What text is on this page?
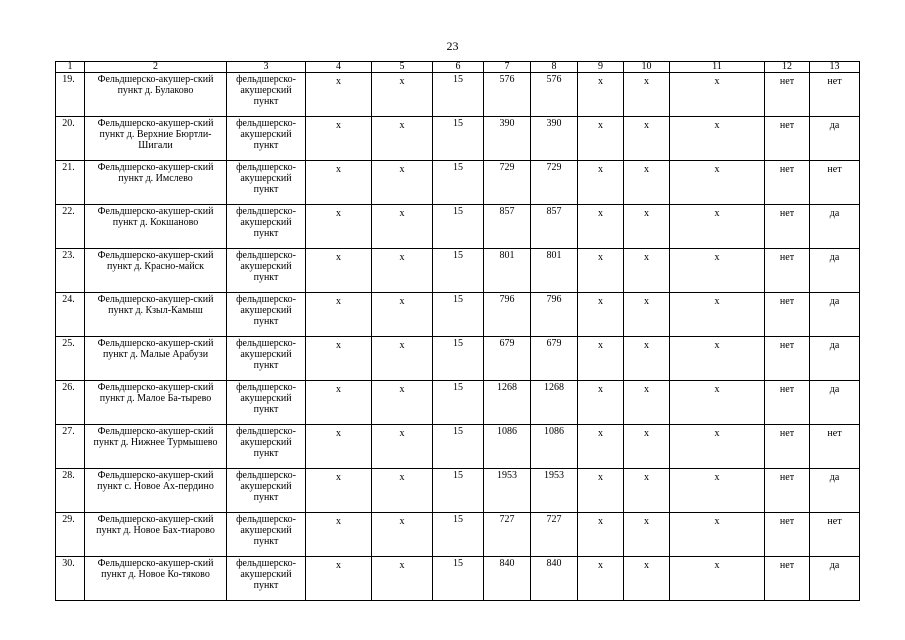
23
1	2	3	4	5	6	7	8	9	10	11	12	13
19.	Фельдшерско-акушер-ский пункт д. Булаково	фельдшерско-акушерский пункт	х	х	15	576	576	х	х	х	нет	нет
20.	Фельдшерско-акушер-ский пункт д. Верхние Бюртли-Шигали	фельдшерско-акушерский пункт	х	х	15	390	390	х	х	х	нет	да
21.	Фельдшерско-акушер-ский пункт д. Имслево	фельдшерско-акушерский пункт	х	х	15	729	729	х	х	х	нет	нет
22.	Фельдшерско-акушер-ский пункт д. Кокшаново	фельдшерско-акушерский пункт	х	х	15	857	857	х	х	х	нет	да
23.	Фельдшерско-акушер-ский пункт д. Красно-майск	фельдшерско-акушерский пункт	х	х	15	801	801	х	х	х	нет	да
24.	Фельдшерско-акушер-ский пункт д. Кзыл-Камыш	фельдшерско-акушерский пункт	х	х	15	796	796	х	х	х	нет	да
25.	Фельдшерско-акушер-ский пункт д. Малые Арабузи	фельдшерско-акушерский пункт	х	х	15	679	679	х	х	х	нет	да
26.	Фельдшерско-акушер-ский пункт д. Малое Ба-тырево	фельдшерско-акушерский пункт	х	х	15	1268	1268	х	х	х	нет	да
27.	Фельдшерско-акушер-ский пункт д. Нижнее Турмышево	фельдшерско-акушерский пункт	х	х	15	1086	1086	х	х	х	нет	нет
28.	Фельдшерско-акушер-ский пункт с. Новое Ах-пердино	фельдшерско-акушерский пункт	х	х	15	1953	1953	х	х	х	нет	да
29.	Фельдшерско-акушер-ский пункт д. Новое Бах-тиарово	фельдшерско-акушерский пункт	х	х	15	727	727	х	х	х	нет	нет
30.	Фельдшерско-акушер-ский пункт д. Новое Ко-тяково	фельдшерско-акушерский пункт	х	х	15	840	840	х	х	х	нет	да
